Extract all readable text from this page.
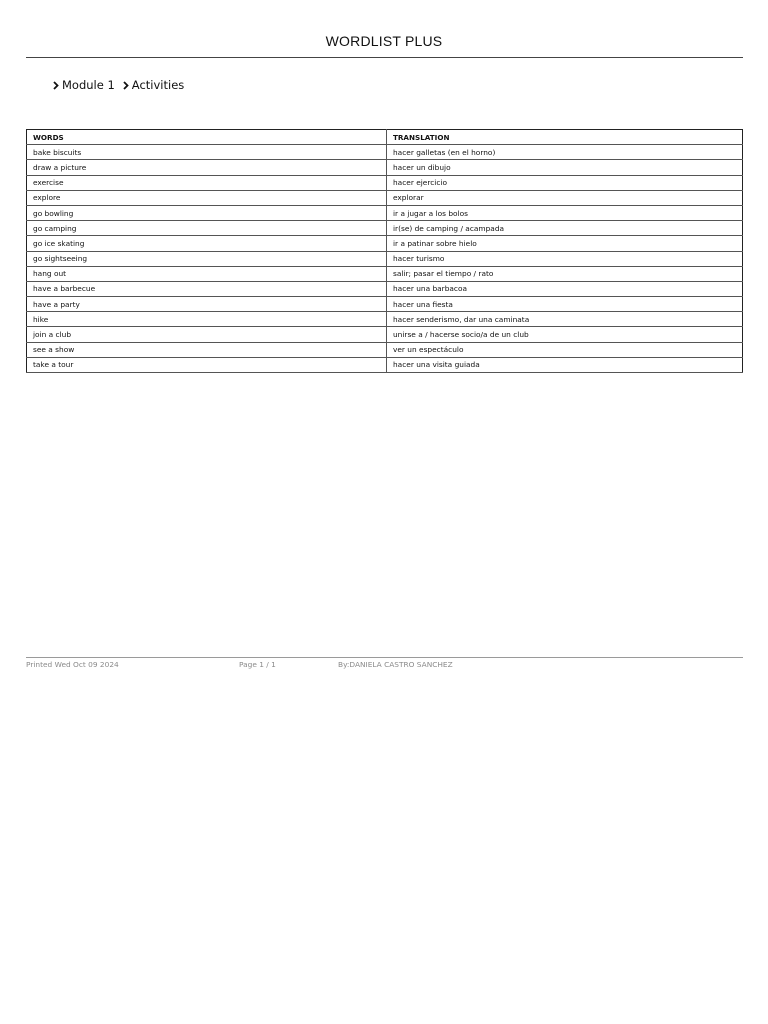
WORDLIST PLUS
Module 1 Activities
WORDS	TRANSLATION
bake biscuits	hacer galletas (en el horno)
draw a picture	hacer un dibujo
exercise	hacer ejercicio
explore	explorar
go bowling	ir a jugar a los bolos
go camping	ir(se) de camping / acampada
go ice skating	ir a patinar sobre hielo
go sightseeing	hacer turismo
hang out	salir; pasar el tiempo / rato
have a barbecue	hacer una barbacoa
have a party	hacer una fiesta
hike	hacer senderismo, dar una caminata
join a club	unirse a / hacerse socio/a de un club
see a show	ver un espectáculo
take a tour	hacer una visita guiada
Printed Wed Oct 09 2024	Page 1 / 1	By:DANIELA CASTRO SANCHEZ
